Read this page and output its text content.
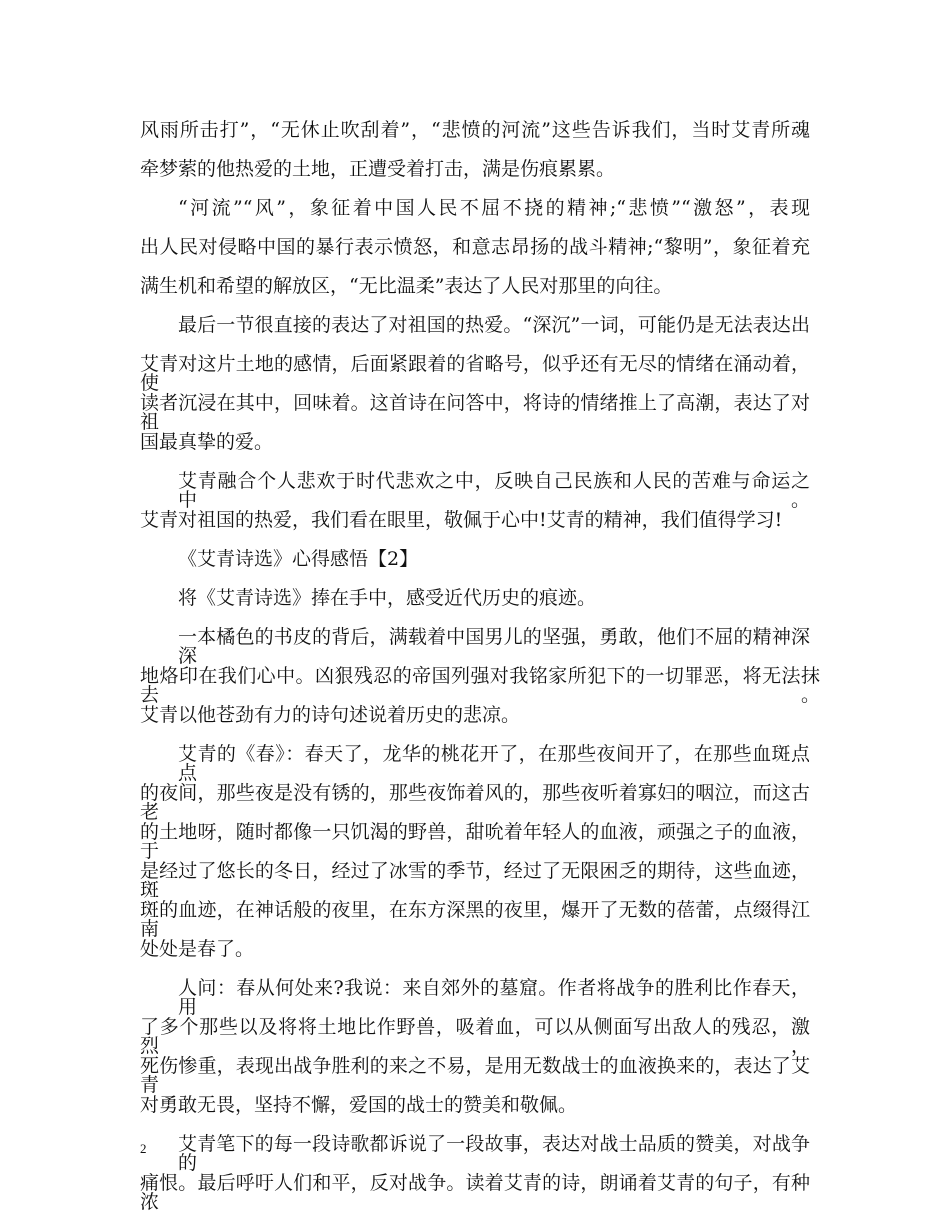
风雨所击打”，“无休止吹刮着”，“悲愤的河流”这些告诉我们，当时艾青所魂
牵梦萦的他热爱的土地，正遭受着打击，满是伤痕累累。
“河流”“风”，象征着中国人民不屈不挠的精神;“悲愤”“激怒”，表现
出人民对侵略中国的暴行表示愤怒，和意志昂扬的战斗精神;“黎明”，象征着充
满生机和希望的解放区，“无比温柔”表达了人民对那里的向往。
最后一节很直接的表达了对祖国的热爱。“深沉”一词，可能仍是无法表达出
艾青对这片土地的感情，后面紧跟着的省略号，似乎还有无尽的情绪在涌动着，使
读者沉浸在其中，回味着。这首诗在问答中，将诗的情绪推上了高潮，表达了对祖
国最真挚的爱。
艾青融合个人悲欢于时代悲欢之中，反映自己民族和人民的苦难与命运之中。
艾青对祖国的热爱，我们看在眼里，敬佩于心中!艾青的精神，我们值得学习!
《艾青诗选》心得感悟【2】
将《艾青诗选》捧在手中，感受近代历史的痕迹。
一本橘色的书皮的背后，满载着中国男儿的坚强，勇敢，他们不屈的精神深深
地烙印在我们心中。凶狠残忍的帝国列强对我铭家所犯下的一切罪恶，将无法抹去。
艾青以他苍劲有力的诗句述说着历史的悲凉。
艾青的《春》：春天了，龙华的桃花开了，在那些夜间开了，在那些血斑点点
的夜间，那些夜是没有锈的，那些夜饰着风的，那些夜听着寡妇的咽泣，而这古老
的土地呀，随时都像一只饥渴的野兽，甜吮着年轻人的血液，顽强之子的血液，于
是经过了悠长的冬日，经过了冰雪的季节，经过了无限困乏的期待，这些血迹，斑
斑的血迹，在神话般的夜里，在东方深黑的夜里，爆开了无数的蓓蕾，点缀得江南
处处是春了。
人问：春从何处来?我说：来自郊外的墓窟。作者将战争的胜利比作春天，用
了多个那些以及将将土地比作野兽，吸着血，可以从侧面写出敌人的残忍，激烈，
死伤惨重，表现出战争胜利的来之不易，是用无数战士的血液换来的，表达了艾青
对勇敢无畏，坚持不懈，爱国的战士的赞美和敬佩。
艾青笔下的每一段诗歌都诉说了一段故事，表达对战士品质的赞美，对战争的
痛恨。最后呼吁人们和平，反对战争。读着艾青的诗，朗诵着艾青的句子，有种浓
2
